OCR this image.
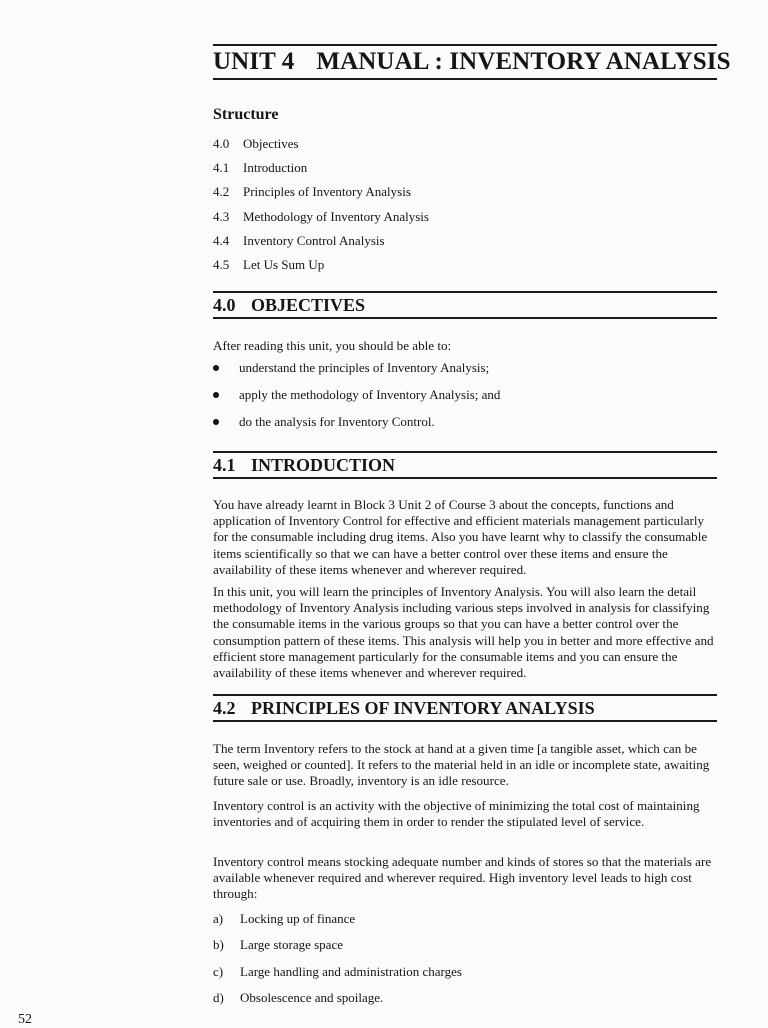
UNIT 4 MANUAL : INVENTORY ANALYSIS
Structure
4.0 Objectives
4.1 Introduction
4.2 Principles of Inventory Analysis
4.3 Methodology of Inventory Analysis
4.4 Inventory Control Analysis
4.5 Let Us Sum Up
4.0 OBJECTIVES

After reading this unit, you should be able to:

understand the principles of Inventory Analysis;
apply the methodology of Inventory Analysis; and
do the analysis for Inventory Control.
4.1 INTRODUCTION

You have already learnt in Block 3 Unit 2 of Course 3 about the concepts, functions and application of Inventory Control for effective and efficient materials management particularly for the consumable including drug items. Also you have learnt why to classify the consumable items scientifically so that we can have a better control over these items and ensure the availability of these items whenever and wherever required.

In this unit, you will learn the principles of Inventory Analysis. You will also learn the detail methodology of Inventory Analysis including various steps involved in analysis for classifying the consumable items in the various groups so that you can have a better control over the consumption pattern of these items. This analysis will help you in better and more effective and efficient store management particularly for the consumable items and you can ensure the availability of these items whenever and wherever required.

4.2 PRINCIPLES OF INVENTORY ANALYSIS

The term Inventory refers to the stock at hand at a given time [a tangible asset, which can be seen, weighed or counted]. It refers to the material held in an idle or incomplete state, awaiting future sale or use. Broadly, inventory is an idle resource.

Inventory control is an activity with the objective of minimizing the total cost of maintaining inventories and of acquiring them in order to render the stipulated level of service.

Inventory control means stocking adequate number and kinds of stores so that the materials are available whenever required and wherever required. High inventory level leads to high cost through:

a) Locking up of finance
b) Large storage space
c) Large handling and administration charges
d) Obsolescence and spoilage.
52
